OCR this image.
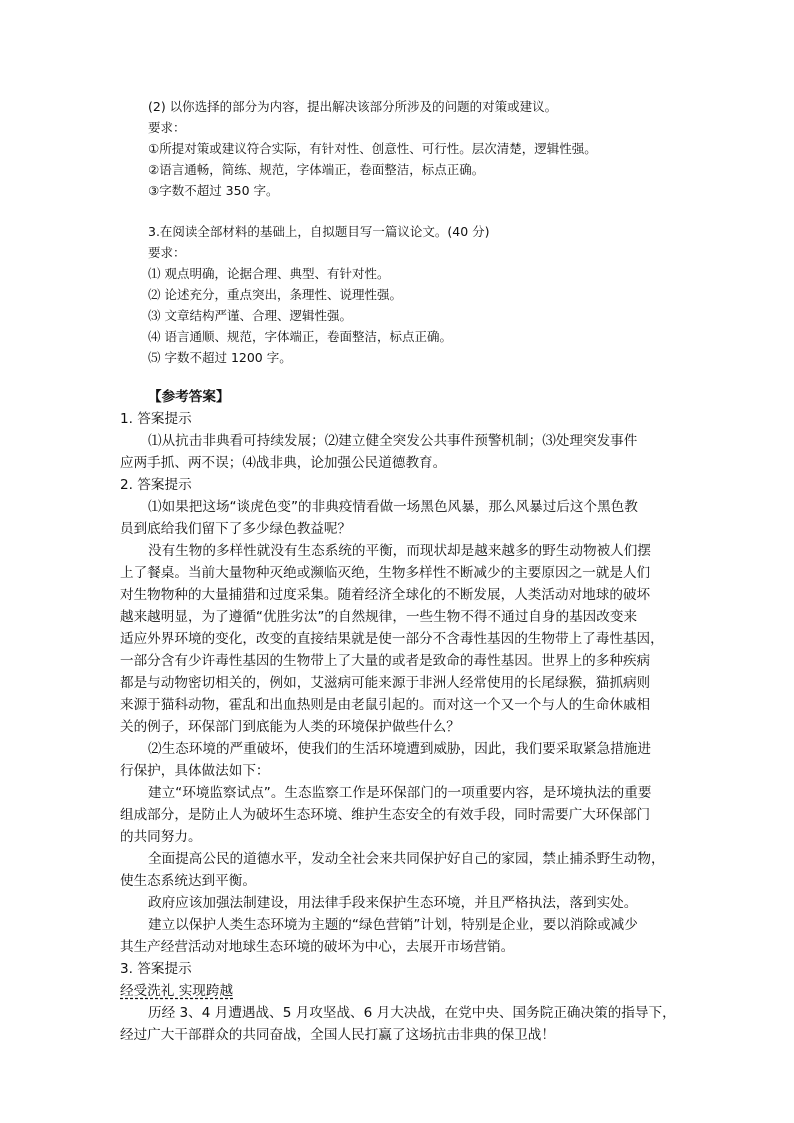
(2) 以你选择的部分为内容，提出解决该部分所涉及的问题的对策或建议。
要求：
①所提对策或建议符合实际，有针对性、创意性、可行性。层次清楚，逻辑性强。
②语言通畅，简练、规范，字体端正，卷面整洁，标点正确。
③字数不超过 350 字。
3.在阅读全部材料的基础上，自拟题目写一篇议论文。(40 分)
要求：
⑴ 观点明确，论据合理、典型、有针对性。
⑵ 论述充分，重点突出，条理性、说理性强。
⑶ 文章结构严谨、合理、逻辑性强。
⑷ 语言通顺、规范，字体端正，卷面整洁，标点正确。
⑸ 字数不超过 1200 字。
【参考答案】
1. 答案提示
⑴从抗击非典看可持续发展；⑵建立健全突发公共事件预警机制；⑶处理突发事件
应两手抓、两不误；⑷战非典，论加强公民道德教育。
2. 答案提示
⑴如果把这场“谈虎色变”的非典疫情看做一场黑色风暴，那么风暴过后这个黑色教
员到底给我们留下了多少绿色教益呢？
没有生物的多样性就没有生态系统的平衡，而现状却是越来越多的野生动物被人们摆
上了餐桌。当前大量物种灭绝或濒临灭绝，生物多样性不断减少的主要原因之一就是人们
对生物物种的大量捕猎和过度采集。随着经济全球化的不断发展，人类活动对地球的破坏
越来越明显，为了遵循“优胜劣汰”的自然规律，一些生物不得不通过自身的基因改变来
适应外界环境的变化，改变的直接结果就是使一部分不含毒性基因的生物带上了毒性基因，
一部分含有少许毒性基因的生物带上了大量的或者是致命的毒性基因。世界上的多种疾病
都是与动物密切相关的，例如，艾滋病可能来源于非洲人经常使用的长尾绿猴，猫抓病则
来源于猫科动物，霍乱和出血热则是由老鼠引起的。而对这一个又一个与人的生命休戚相
关的例子，环保部门到底能为人类的环境保护做些什么？
⑵生态环境的严重破坏，使我们的生活环境遭到威胁，因此，我们要采取紧急措施进
行保护，具体做法如下：
建立“环境监察试点”。生态监察工作是环保部门的一项重要内容，是环境执法的重要
组成部分，是防止人为破坏生态环境、维护生态安全的有效手段，同时需要广大环保部门
的共同努力。
全面提高公民的道德水平，发动全社会来共同保护好自己的家园，禁止捕杀野生动物，
使生态系统达到平衡。
政府应该加强法制建设，用法律手段来保护生态环境，并且严格执法，落到实处。
建立以保护人类生态环境为主题的“绿色营销”计划，特别是企业，要以消除或减少
其生产经营活动对地球生态环境的破坏为中心，去展开市场营销。
3. 答案提示
经受洗礼 实现跨越
历经 3、4 月遭遇战、5 月攻坚战、6 月大决战，在党中央、国务院正确决策的指导下，
经过广大干部群众的共同奋战，全国人民打赢了这场抗击非典的保卫战！
